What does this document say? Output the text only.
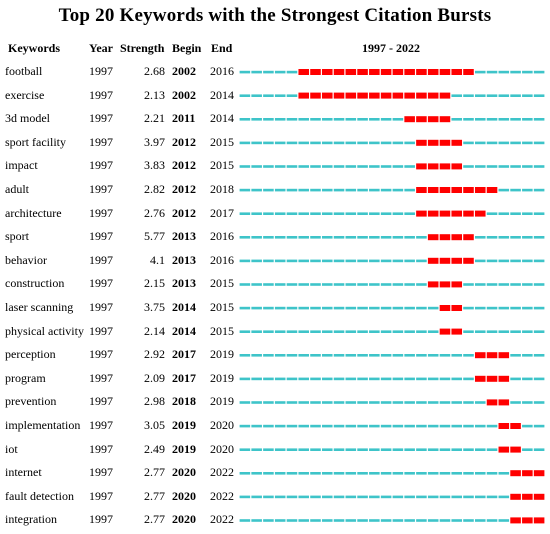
Top 20 Keywords with the Strongest Citation Bursts
Keywords Year Strength Begin End	1997 - 2022
football	1997	2.68 2002 2016
exercise	1997	2.13 2002 2014
3d model	1997	2.21 2011 2014
sport facility 1997	3.97 2012 2015
impact	1997	3.83 2012 2015
adult	1997	2.82 2012 2018
architecture 1997	2.76 2012 2017
sport	1997	5.77 2013 2016
behavior	1997	4.1 2013 2016
construction 1997	2.15 2013 2015
laser scanning 1997	3.75 2014 2015
physical activity 1997	2.14 2014 2015
perception	1997	2.92 2017 2019
program	1997	2.09 2017 2019
prevention	1997	2.98 2018 2019
implementation 1997	3.05 2019 2020
iot	1997	2.49 2019 2020
internet	1997	2.77 2020 2022
fault detection 1997	2.77 2020 2022
integration	1997	2.77 2020 2022
